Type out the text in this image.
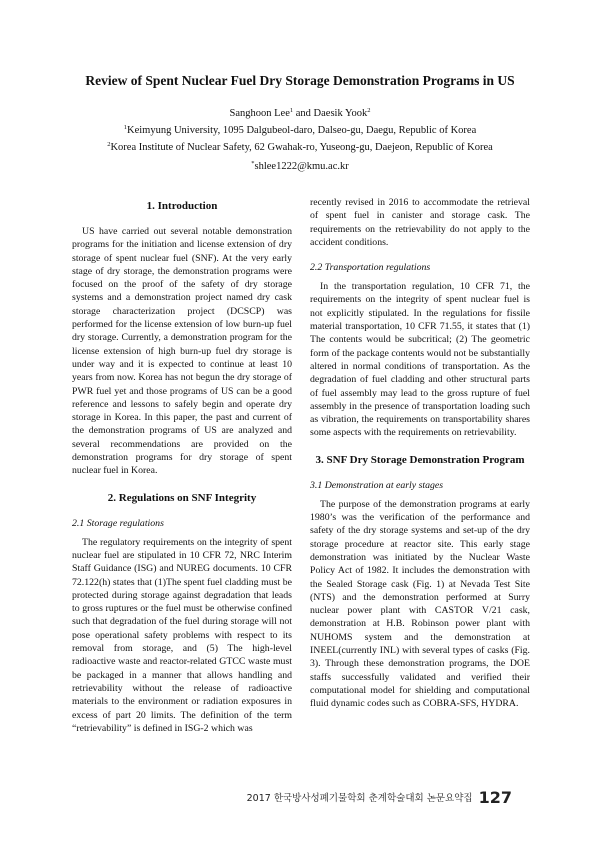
Review of Spent Nuclear Fuel Dry Storage Demonstration Programs in US
Sanghoon Lee$^1$ and Daesik Yook$^2$
$^1$Keimyung University, 1095 Dalgubeol-daro, Dalseo-gu, Daegu, Republic of Korea
$^2$Korea Institute of Nuclear Safety, 62 Gwahak-ro, Yuseong-gu, Daejeon, Republic of Korea
*shlee1222@kmu.ac.kr
1. Introduction

US have carried out several notable demonstration programs for the initiation and license extension of dry storage of spent nuclear fuel (SNF). At the very early stage of dry storage, the demonstration programs were focused on the proof of the safety of dry storage systems and a demonstration project named dry cask storage characterization project (DCSCP) was performed for the license extension of low burn-up fuel dry storage. Currently, a demonstration program for the license extension of high burn-up fuel dry storage is under way and it is expected to continue at least 10 years from now. Korea has not begun the dry storage of PWR fuel yet and those programs of US can be a good reference and lessons to safely begin and operate dry storage in Korea. In this paper, the past and current of the demonstration programs of US are analyzed and several recommendations are provided on the demonstration programs for dry storage of spent nuclear fuel in Korea.

2. Regulations on SNF Integrity
2.1 Storage regulations

The regulatory requirements on the integrity of spent nuclear fuel are stipulated in 10 CFR 72, NRC Interim Staff Guidance (ISG) and NUREG documents. 10 CFR 72.122(h) states that (1)The spent fuel cladding must be protected during storage against degradation that leads to gross ruptures or the fuel must be otherwise confined such that degradation of the fuel during storage will not pose operational safety problems with respect to its removal from storage, and (5) The high-level radioactive waste and reactor-related GTCC waste must be packaged in a manner that allows handling and retrievability without the release of radioactive materials to the environment or radiation exposures in excess of part 20 limits. The definition of the term “retrievability” is defined in ISG-2 which was

recently revised in 2016 to accommodate the retrieval of spent fuel in canister and storage cask. The requirements on the retrievability do not apply to the accident conditions.

2.2 Transportation regulations

In the transportation regulation, 10 CFR 71, the requirements on the integrity of spent nuclear fuel is not explicitly stipulated. In the regulations for fissile material transportation, 10 CFR 71.55, it states that (1) The contents would be subcritical; (2) The geometric form of the package contents would not be substantially altered in normal conditions of transportation. As the degradation of fuel cladding and other structural parts of fuel assembly may lead to the gross rupture of fuel assembly in the presence of transportation loading such as vibration, the requirements on transportability shares some aspects with the requirements on retrievability.

3. SNF Dry Storage Demonstration Program
3.1 Demonstration at early stages

The purpose of the demonstration programs at early 1980’s was the verification of the performance and safety of the dry storage systems and set-up of the dry storage procedure at reactor site. This early stage demonstration was initiated by the Nuclear Waste Policy Act of 1982. It includes the demonstration with the Sealed Storage cask (Fig. 1) at Nevada Test Site (NTS) and the demonstration performed at Surry nuclear power plant with CASTOR V/21 cask, demonstration at H.B. Robinson power plant with NUHOMS system and the demonstration at INEEL(currently INL) with several types of casks (Fig. 3). Through these demonstration programs, the DOE staffs successfully validated and verified their computational model for shielding and computational fluid dynamic codes such as COBRA-SFS, HYDRA.

2017 한국방사성폐기물학회 춘계학술대회 논문요약집 127
